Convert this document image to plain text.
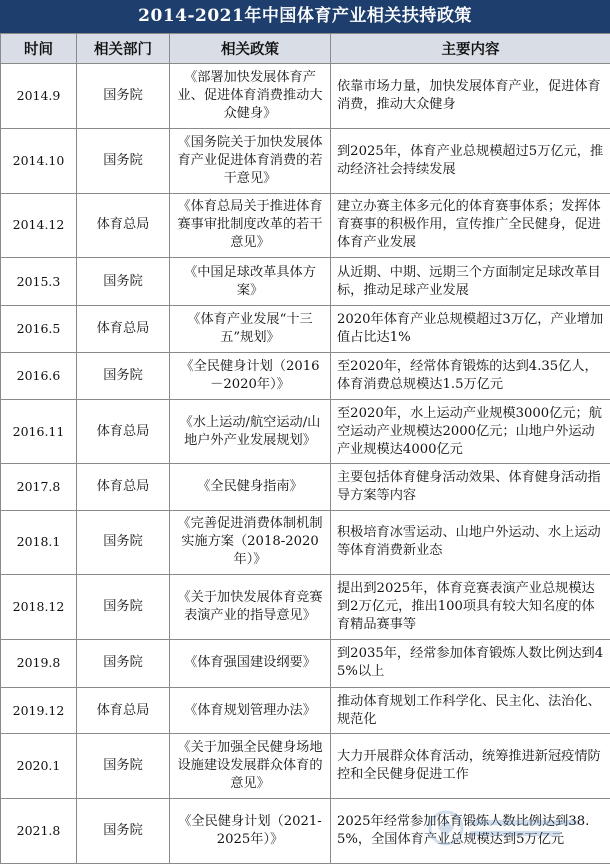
2014-2021年中国体育产业相关扶持政策
时间	相关部门	相关政策	主要内容
2014.9	国务院	《部署加快发展体育产业、促进体育消费推动大众健身》	依靠市场力量，加快发展体育产业，促进体育消费，推动大众健身
2014.10	国务院	《国务院关于加快发展体育产业促进体育消费的若干意见》	到2025年，体育产业总规模超过5万亿元，推动经济社会持续发展
2014.12	体育总局	《体育总局关于推进体育赛事审批制度改革的若干意见》	建立办赛主体多元化的体育赛事体系；发挥体育赛事的积极作用，宣传推广全民健身，促进体育产业发展
2015.3	国务院	《中国足球改革具体方案》	从近期、中期、远期三个方面制定足球改革目标，推动足球产业发展
2016.5	体育总局	《体育产业发展“十三五”规划》	2020年体育产业总规模超过3万亿，产业增加值占比达1%
2016.6	国务院	《全民健身计划（2016－2020年）》	至2020年，经常体育锻炼的达到4.35亿人，体育消费总规模达1.5万亿元
2016.11	体育总局	《水上运动/航空运动/山地户外产业发展规划》	至2020年，水上运动产业规模3000亿元；航空运动产业规模达2000亿元；山地户外运动产业规模达4000亿元
2017.8	体育总局	《全民健身指南》	主要包括体育健身活动效果、体育健身活动指导方案等内容
2018.1	国务院	《完善促进消费体制机制实施方案（2018-2020年）》	积极培育冰雪运动、山地户外运动、水上运动等体育消费新业态
2018.12	国务院	《关于加快发展体育竞赛表演产业的指导意见》	提出到2025年，体育竞赛表演产业总规模达到2万亿元，推出100项具有较大知名度的体育精品赛事等
2019.8	国务院	《体育强国建设纲要》	到2035年，经常参加体育锻炼人数比例达到45%以上
2019.12	体育总局	《体育规划管理办法》	推动体育规划工作科学化、民主化、法治化、规范化
2020.1	国务院	《关于加强全民健身场地设施建设发展群众体育的意见》	大力开展群众体育活动，统筹推进新冠疫情防控和全民健身促进工作
2021.8	国务院	《全民健身计划（2021-2025年）》	2025年经常参加体育锻炼人数比例达到38.5%，全国体育产业总规模达到5万亿元
